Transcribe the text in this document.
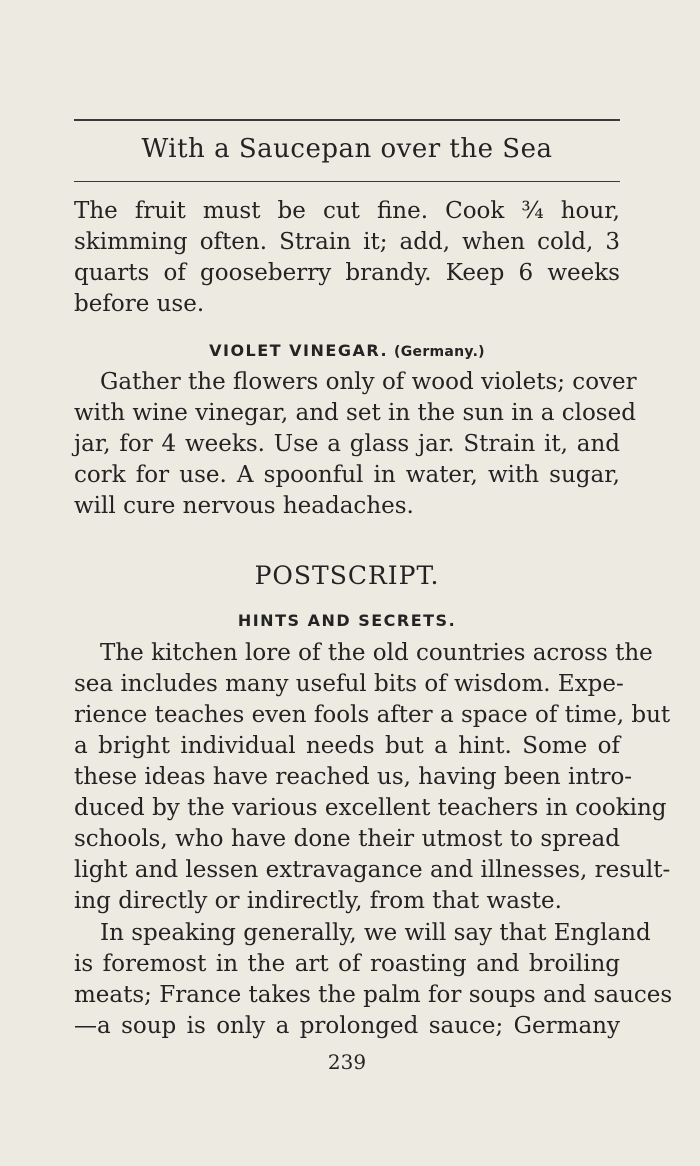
With a Saucepan over the Sea
The fruit must be cut fine. Cook ¾ hour,
skimming often. Strain it; add, when cold, 3
quarts of gooseberry brandy. Keep 6 weeks
before use.
VIOLET VINEGAR. (Germany.)
Gather the flowers only of wood violets; cover
with wine vinegar, and set in the sun in a closed
jar, for 4 weeks. Use a glass jar. Strain it, and
cork for use. A spoonful in water, with sugar,
will cure nervous headaches.
POSTSCRIPT.
HINTS AND SECRETS.
The kitchen lore of the old countries across the
sea includes many useful bits of wisdom. Expe-
rience teaches even fools after a space of time, but
a bright individual needs but a hint. Some of
these ideas have reached us, having been intro-
duced by the various excellent teachers in cooking
schools, who have done their utmost to spread
light and lessen extravagance and illnesses, result-
ing directly or indirectly, from that waste.
In speaking generally, we will say that England
is foremost in the art of roasting and broiling
meats; France takes the palm for soups and sauces
—a soup is only a prolonged sauce; Germany
239
